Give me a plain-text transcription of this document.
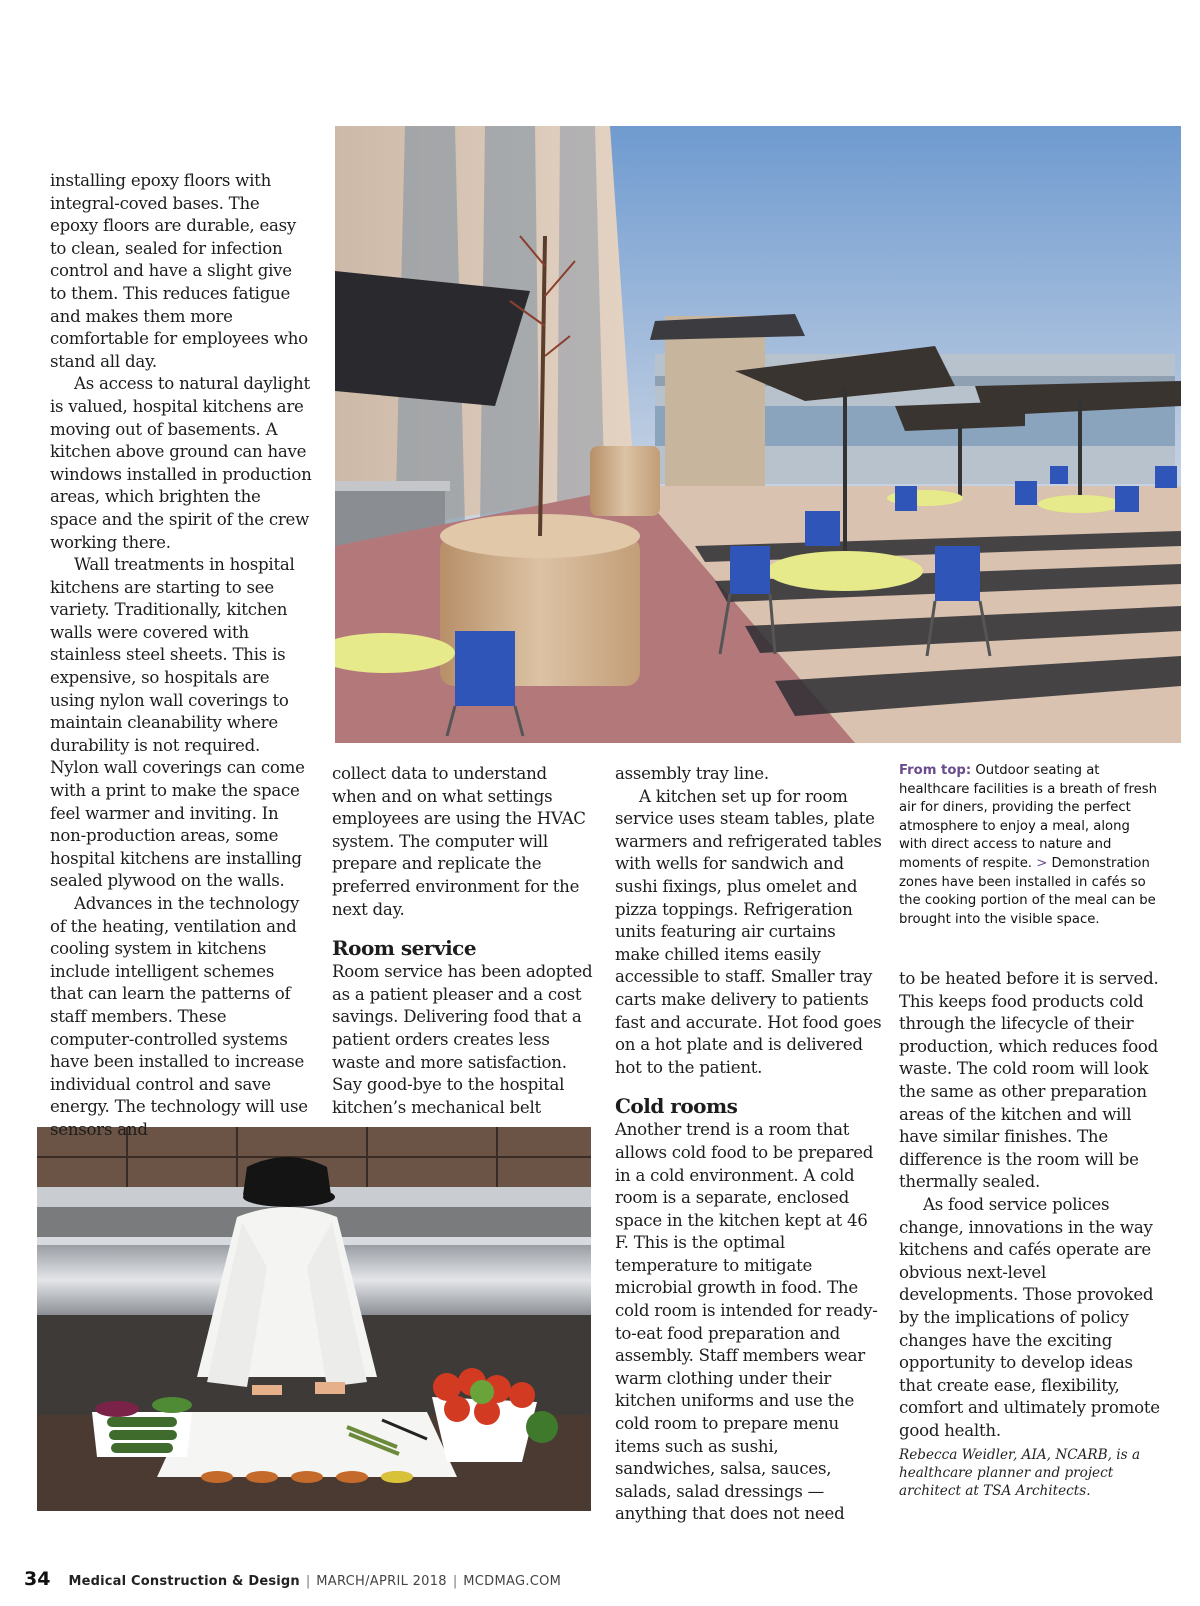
installing epoxy floors with integral-coved bases. The epoxy floors are durable, easy to clean, sealed for infection control and have a slight give to them. This reduces fatigue and makes them more comfortable for employees who stand all day.

As access to natural daylight is valued, hospital kitchens are moving out of basements. A kitchen above ground can have windows installed in production areas, which brighten the space and the spirit of the crew working there.

Wall treatments in hospital kitchens are starting to see variety. Traditionally, kitchen walls were covered with stainless steel sheets. This is expensive, so hospitals are using nylon wall coverings to maintain cleanability where durability is not required. Nylon wall coverings can come with a print to make the space feel warmer and inviting. In non-production areas, some hospital kitchens are installing sealed plywood on the walls.

Advances in the technology of the heating, ventilation and cooling system in kitchens include intelligent schemes that can learn the patterns of staff members. These computer-controlled systems have been installed to increase individual control and save energy. The technology will use sensors and

collect data to understand when and on what settings employees are using the HVAC system. The computer will prepare and replicate the preferred environment for the next day.

Room service

Room service has been adopted as a patient pleaser and a cost savings. Delivering food that a patient orders creates less waste and more satisfaction. Say good-bye to the hospital kitchen’s mechanical belt

assembly tray line.

A kitchen set up for room service uses steam tables, plate warmers and refrigerated tables with wells for sandwich and sushi fixings, plus omelet and pizza toppings. Refrigeration units featuring air curtains make chilled items easily accessible to staff. Smaller tray carts make delivery to patients fast and accurate. Hot food goes on a hot plate and is delivered hot to the patient.

Cold rooms

Another trend is a room that allows cold food to be prepared in a cold environment. A cold room is a separate, enclosed space in the kitchen kept at 46 F. This is the optimal temperature to mitigate microbial growth in food. The cold room is intended for ready-to-eat food preparation and assembly. Staff members wear warm clothing under their kitchen uniforms and use the cold room to prepare menu items such as sushi, sandwiches, salsa, sauces, salads, salad dressings — anything that does not need

From top: Outdoor seating at healthcare facilities is a breath of fresh air for diners, providing the perfect atmosphere to enjoy a meal, along with direct access to nature and moments of respite. > Demonstration zones have been installed in cafés so the cooking portion of the meal can be brought into the visible space.

to be heated before it is served. This keeps food products cold through the lifecycle of their production, which reduces food waste. The cold room will look the same as other preparation areas of the kitchen and will have similar finishes. The difference is the room will be thermally sealed.

As food service polices change, innovations in the way kitchens and cafés operate are obvious next-level developments. Those provoked by the implications of policy changes have the exciting opportunity to develop ideas that create ease, flexibility, comfort and ultimately promote good health.

Rebecca Weidler, AIA, NCARB, is a healthcare planner and project architect at TSA Architects.
34 Medical Construction & Design | MARCH/APRIL 2018 | MCDMAG.COM
